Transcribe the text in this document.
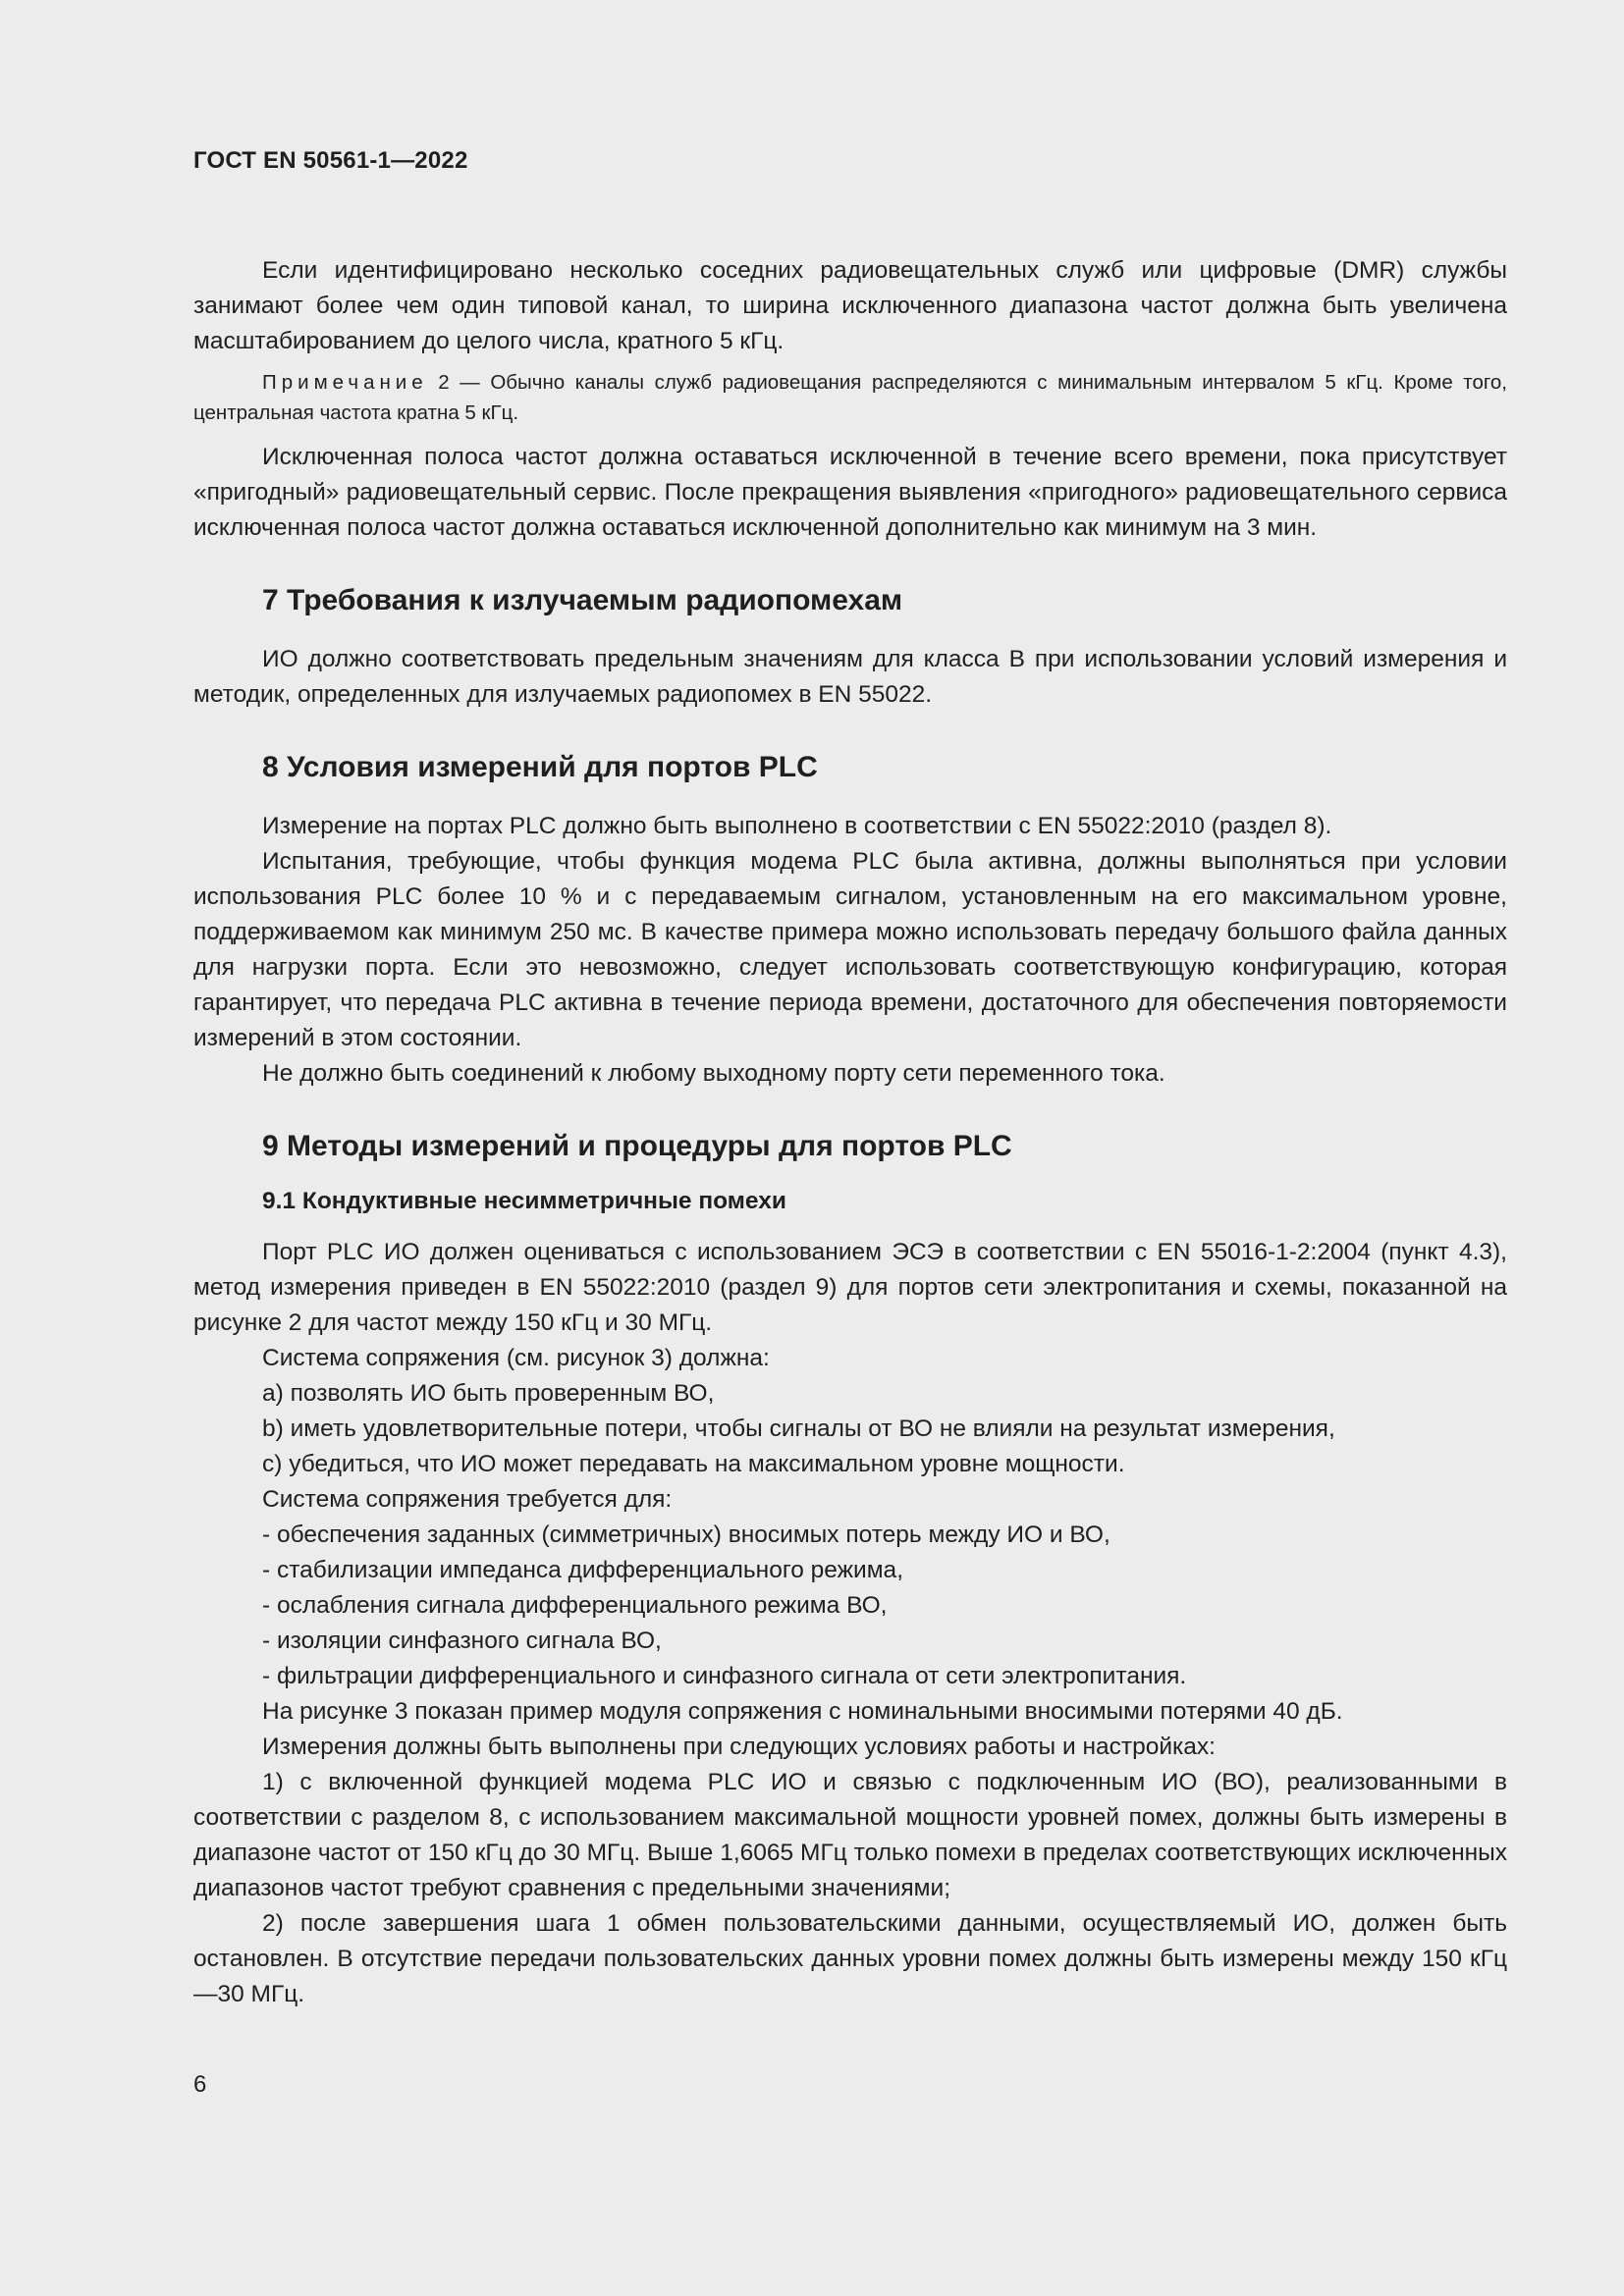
ГОСТ EN 50561-1—2022

Если идентифицировано несколько соседних радиовещательных служб или цифровые (DMR) службы занимают более чем один типовой канал, то ширина исключенного диапазона частот должна быть увеличена масштабированием до целого числа, кратного 5 кГц.

Примечание 2 — Обычно каналы служб радиовещания распределяются с минимальным интервалом 5 кГц. Кроме того, центральная частота кратна 5 кГц.

Исключенная полоса частот должна оставаться исключенной в течение всего времени, пока присутствует «пригодный» радиовещательный сервис. После прекращения выявления «пригодного» радиовещательного сервиса исключенная полоса частот должна оставаться исключенной дополнительно как минимум на 3 мин.

7 Требования к излучаемым радиопомехам

ИО должно соответствовать предельным значениям для класса В при использовании условий измерения и методик, определенных для излучаемых радиопомех в EN 55022.

8 Условия измерений для портов PLC

Измерение на портах PLC должно быть выполнено в соответствии с EN 55022:2010 (раздел 8).

Испытания, требующие, чтобы функция модема PLC была активна, должны выполняться при условии использования PLC более 10 % и с передаваемым сигналом, установленным на его максимальном уровне, поддерживаемом как минимум 250 мс. В качестве примера можно использовать передачу большого файла данных для нагрузки порта. Если это невозможно, следует использовать соответствующую конфигурацию, которая гарантирует, что передача PLC активна в течение периода времени, достаточного для обеспечения повторяемости измерений в этом состоянии.

Не должно быть соединений к любому выходному порту сети переменного тока.

9 Методы измерений и процедуры для портов PLC
9.1 Кондуктивные несимметричные помехи

Порт PLC ИО должен оцениваться с использованием ЭСЭ в соответствии с EN 55016-1-2:2004 (пункт 4.3), метод измерения приведен в EN 55022:2010 (раздел 9) для портов сети электропитания и схемы, показанной на рисунке 2 для частот между 150 кГц и 30 МГц.

Система сопряжения (см. рисунок 3) должна:

a) позволять ИО быть проверенным ВО,

b) иметь удовлетворительные потери, чтобы сигналы от ВО не влияли на результат измерения,

c) убедиться, что ИО может передавать на максимальном уровне мощности.

Система сопряжения требуется для:

- обеспечения заданных (симметричных) вносимых потерь между ИО и ВО,

- стабилизации импеданса дифференциального режима,

- ослабления сигнала дифференциального режима ВО,

- изоляции синфазного сигнала ВО,

- фильтрации дифференциального и синфазного сигнала от сети электропитания.

На рисунке 3 показан пример модуля сопряжения с номинальными вносимыми потерями 40 дБ.

Измерения должны быть выполнены при следующих условиях работы и настройках:

1) с включенной функцией модема PLC ИО и связью с подключенным ИО (ВО), реализованными в соответствии с разделом 8, с использованием максимальной мощности уровней помех, должны быть измерены в диапазоне частот от 150 кГц до 30 МГц. Выше 1,6065 МГц только помехи в пределах соответствующих исключенных диапазонов частот требуют сравнения с предельными значениями;

2) после завершения шага 1 обмен пользовательскими данными, осуществляемый ИО, должен быть остановлен. В отсутствие передачи пользовательских данных уровни помех должны быть измерены между 150 кГц—30 МГц.

6
